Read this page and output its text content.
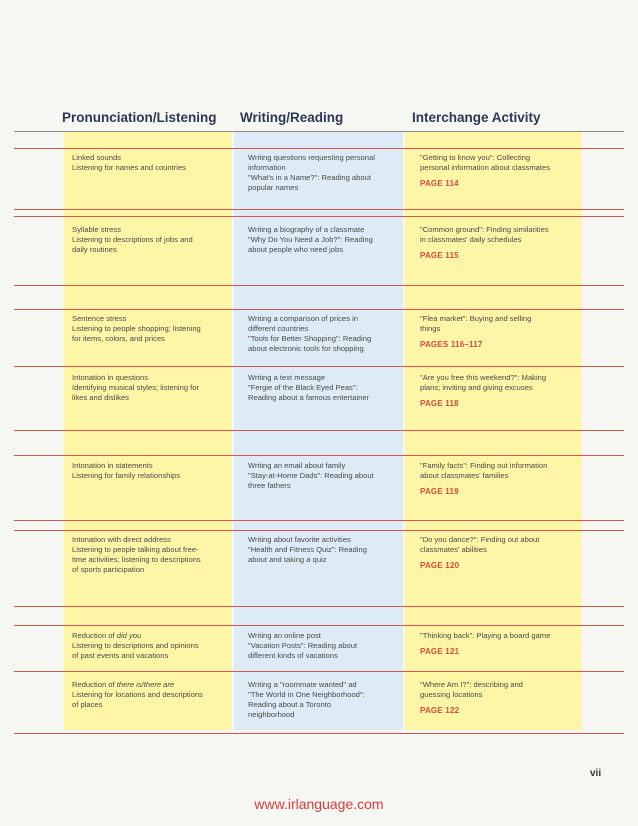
Pronunciation/Listening Writing/Reading	Interchange Activity
Linked sounds
Listening for names and countries
Writing questions requesting personal
information
"What's in a Name?": Reading about
popular names
"Getting to know you": Collecting
personal information about classmates
PAGE 114
Syllable stress
Listening to descriptions of jobs and
daily routines
Writing a biography of a classmate
"Why Do You Need a Job?": Reading
about people who need jobs
"Common ground": Finding similarities
in classmates' daily schedules
PAGE 115
Sentence stress
Listening to people shopping; listening
for items, colors, and prices
Writing a comparison of prices in
different countries
"Tools for Better Shopping": Reading
about electronic tools for shopping
"Flea market": Buying and selling
things
PAGES 116–117
Intonation in questions
Identifying musical styles; listening for
likes and dislikes
Writing a text message
"Fergie of the Black Eyed Peas":
Reading about a famous entertainer
"Are you free this weekend?": Making
plans; inviting and giving excuses
PAGE 118
Intonation in statements
Listening for family relationships
Writing an email about family
"Stay-at-Home Dads": Reading about
three fathers
"Family facts": Finding out information
about classmates' families
PAGE 119
Intonation with direct address
Listening to people talking about free-
time activities; listening to descriptions
of sports participation
Writing about favorite activities
"Health and Fitness Quiz": Reading
about and taking a quiz
"Do you dance?": Finding out about
classmates' abilities
PAGE 120
Reduction of did you
Listening to descriptions and opinions
of past events and vacations
Writing an online post
"Vacation Posts": Reading about
different kinds of vacations
"Thinking back": Playing a board game
PAGE 121
Reduction of there is/there are
Listening for locations and descriptions
of places
Writing a "roommate wanted" ad
"The World in One Neighborhood":
Reading about a Toronto
neighborhood
"Where Am I?": describing and
guessing locations
PAGE 122
vii
www.irlanguage.com
